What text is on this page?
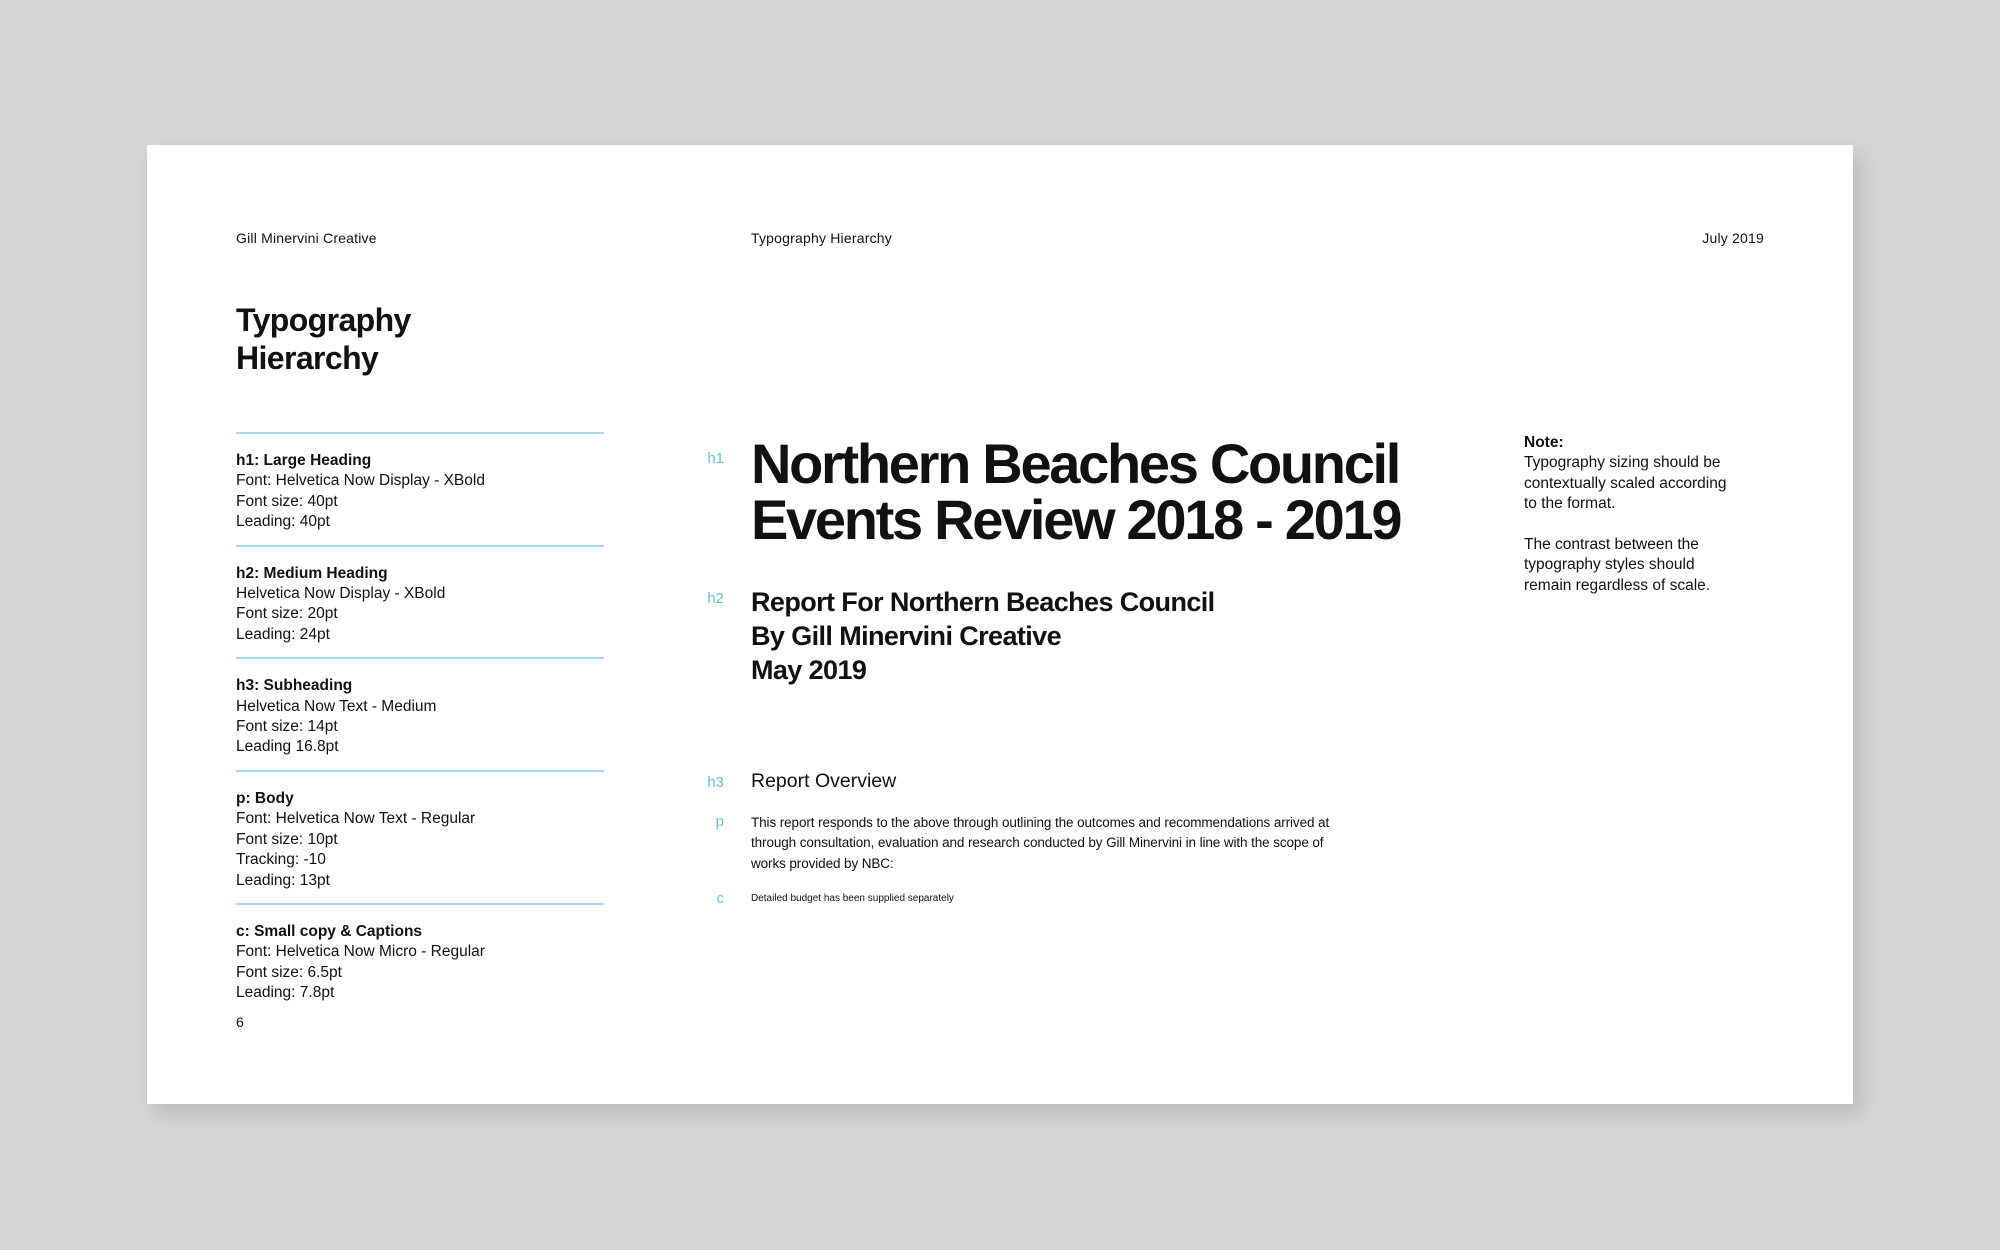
Gill Minervini Creative	Typography Hierarchy	July 2019
Typography
Hierarchy
h1: Large Heading
Font: Helvetica Now Display - XBold
Font size: 40pt
Leading: 40pt
h2: Medium Heading
Helvetica Now Display - XBold
Font size: 20pt
Leading: 24pt
h3: Subheading
Helvetica Now Text - Medium
Font size: 14pt
Leading 16.8pt
p: Body
Font: Helvetica Now Text - Regular
Font size: 10pt
Tracking: -10
Leading: 13pt
c: Small copy & Captions
Font: Helvetica Now Micro - Regular
Font size: 6.5pt
Leading: 7.8pt
6
h1
h2
h3
p
c
Northern Beaches Council
Events Review 2018 - 2019
Report For Northern Beaches Council
By Gill Minervini Creative
May 2019
Report Overview
This report responds to the above through outlining the outcomes and recommendations arrived at
through consultation, evaluation and research conducted by Gill Minervini in line with the scope of
works provided by NBC:
Detailed budget has been supplied separately
Note:
Typography sizing should be
contextually scaled according
to the format.
The contrast between the
typography styles should
remain regardless of scale.
